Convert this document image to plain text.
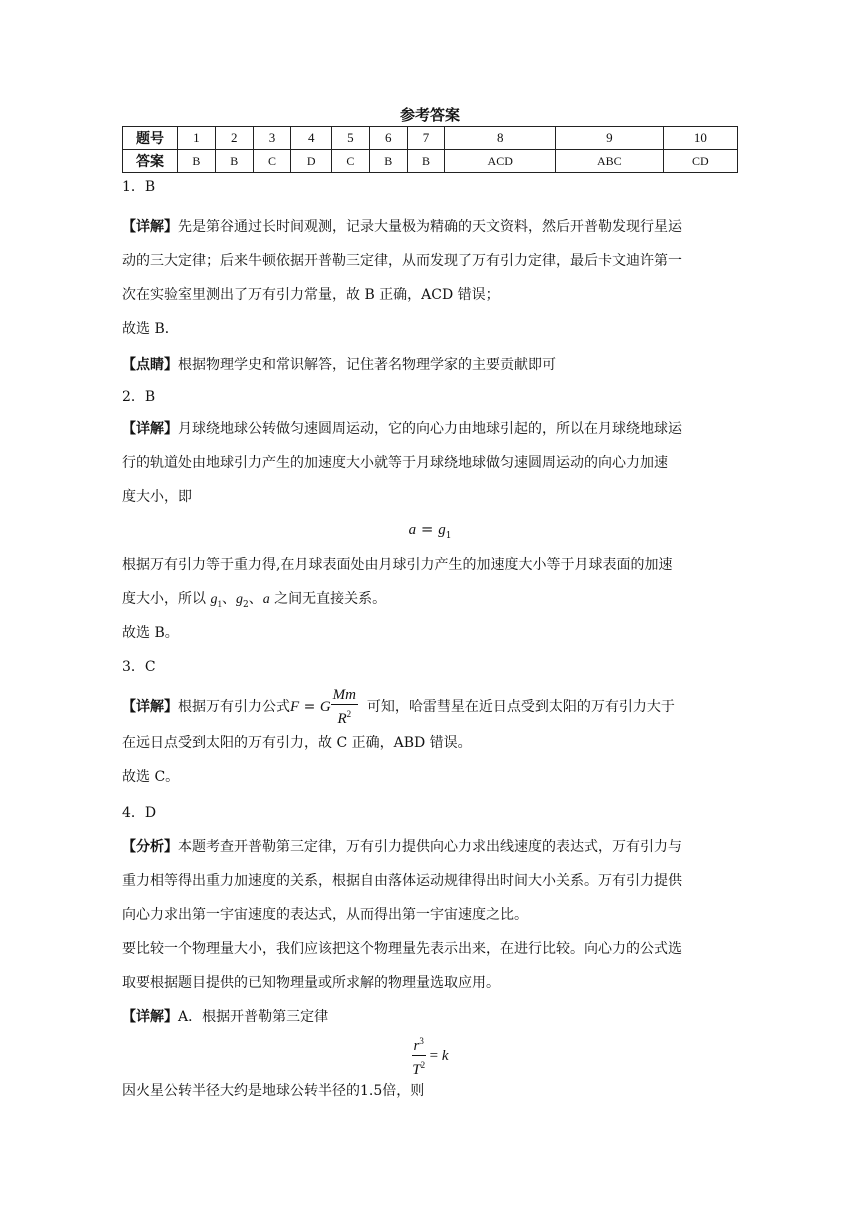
参考答案
题号	1	2	3	4	5	6	7	8	9	10
答案	B	B	C	D	C	B	B	ACD	ABC	CD
1．B
【详解】先是第谷通过长时间观测，记录大量极为精确的天文资料，然后开普勒发现行星运
动的三大定律；后来牛顿依据开普勒三定律，从而发现了万有引力定律，最后卡文迪许第一
次在实验室里测出了万有引力常量，故 B 正确，ACD 错误；
故选 B．
【点睛】根据物理学史和常识解答，记住著名物理学家的主要贡献即可
2．B
【详解】月球绕地球公转做匀速圆周运动，它的向心力由地球引起的，所以在月球绕地球运
行的轨道处由地球引力产生的加速度大小就等于月球绕地球做匀速圆周运动的向心力加速
度大小，即
$a = g_1$
根据万有引力等于重力得,在月球表面处由月球引力产生的加速度大小等于月球表面的加速
度大小，所以 $g_1$、$g_2$、a 之间无直接关系。
故选 B。
3．C
【详解】根据万有引力公式F = G $\frac{Mm}{R^2}$ 可知，哈雷彗星在近日点受到太阳的万有引力大于
在远日点受到太阳的万有引力，故 C 正确，ABD 错误。
故选 C。
4．D
【分析】本题考查开普勒第三定律，万有引力提供向心力求出线速度的表达式，万有引力与
重力相等得出重力加速度的关系，根据自由落体运动规律得出时间大小关系。万有引力提供
向心力求出第一宇宙速度的表达式，从而得出第一宇宙速度之比。
要比较一个物理量大小，我们应该把这个物理量先表示出来，在进行比较。向心力的公式选
取要根据题目提供的已知物理量或所求解的物理量选取应用。
【详解】A．根据开普勒第三定律
$\frac{r^3}{T^2} = k$
因火星公转半径大约是地球公转半径的1.5倍，则
